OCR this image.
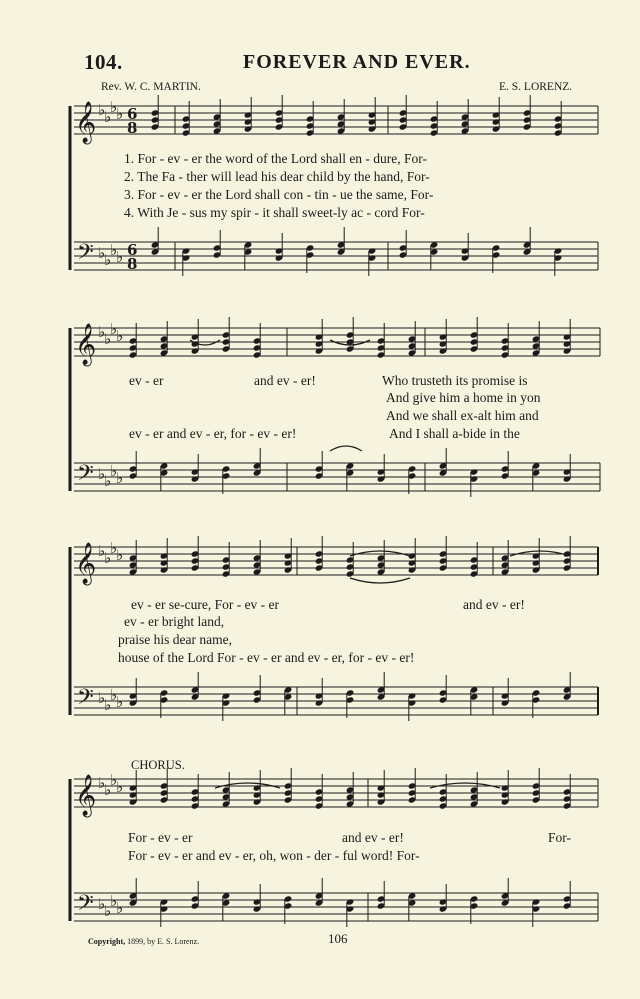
𝄞
𝄢
♭
♭
♭
♭
♭
♭
♭
♭
6
8
6
8
𝄞
𝄢
♭
♭
♭
♭
♭
♭
♭
♭
𝄞
𝄢
♭
♭
♭
♭
♭
♭
♭
♭
𝄞
𝄢
♭
♭
♭
♭
♭
♭
♭
♭
104.	FOREVER AND EVER.
Rev. W. C. MARTIN.	E. S. LORENZ.
1. For - ev - er the word of the Lord shall en - dure, For-
2. The Fa - ther will lead his dear child by the hand, For-
3. For - ev - er the Lord shall con - tin - ue the same, For-
4. With Je - sus my spir - it shall sweet-ly ac - cord For-
ev - er	and ev - er!	Who trusteth its promise is
And give him a home in yon
And we shall ex-alt him and
ev - er and ev - er, for - ev - er!	And I shall a-bide in the
ev - er se-cure, For - ev - er	and ev - er!
ev - er bright land,
praise his dear name,
house of the Lord For - ev - er and ev - er, for - ev - er!
CHORUS.
For - ev - er	and ev - er!	For-
For - ev - er and ev - er, oh, won - der - ful word! For-
Copyright, 1899, by E. S. Lorenz.	106
